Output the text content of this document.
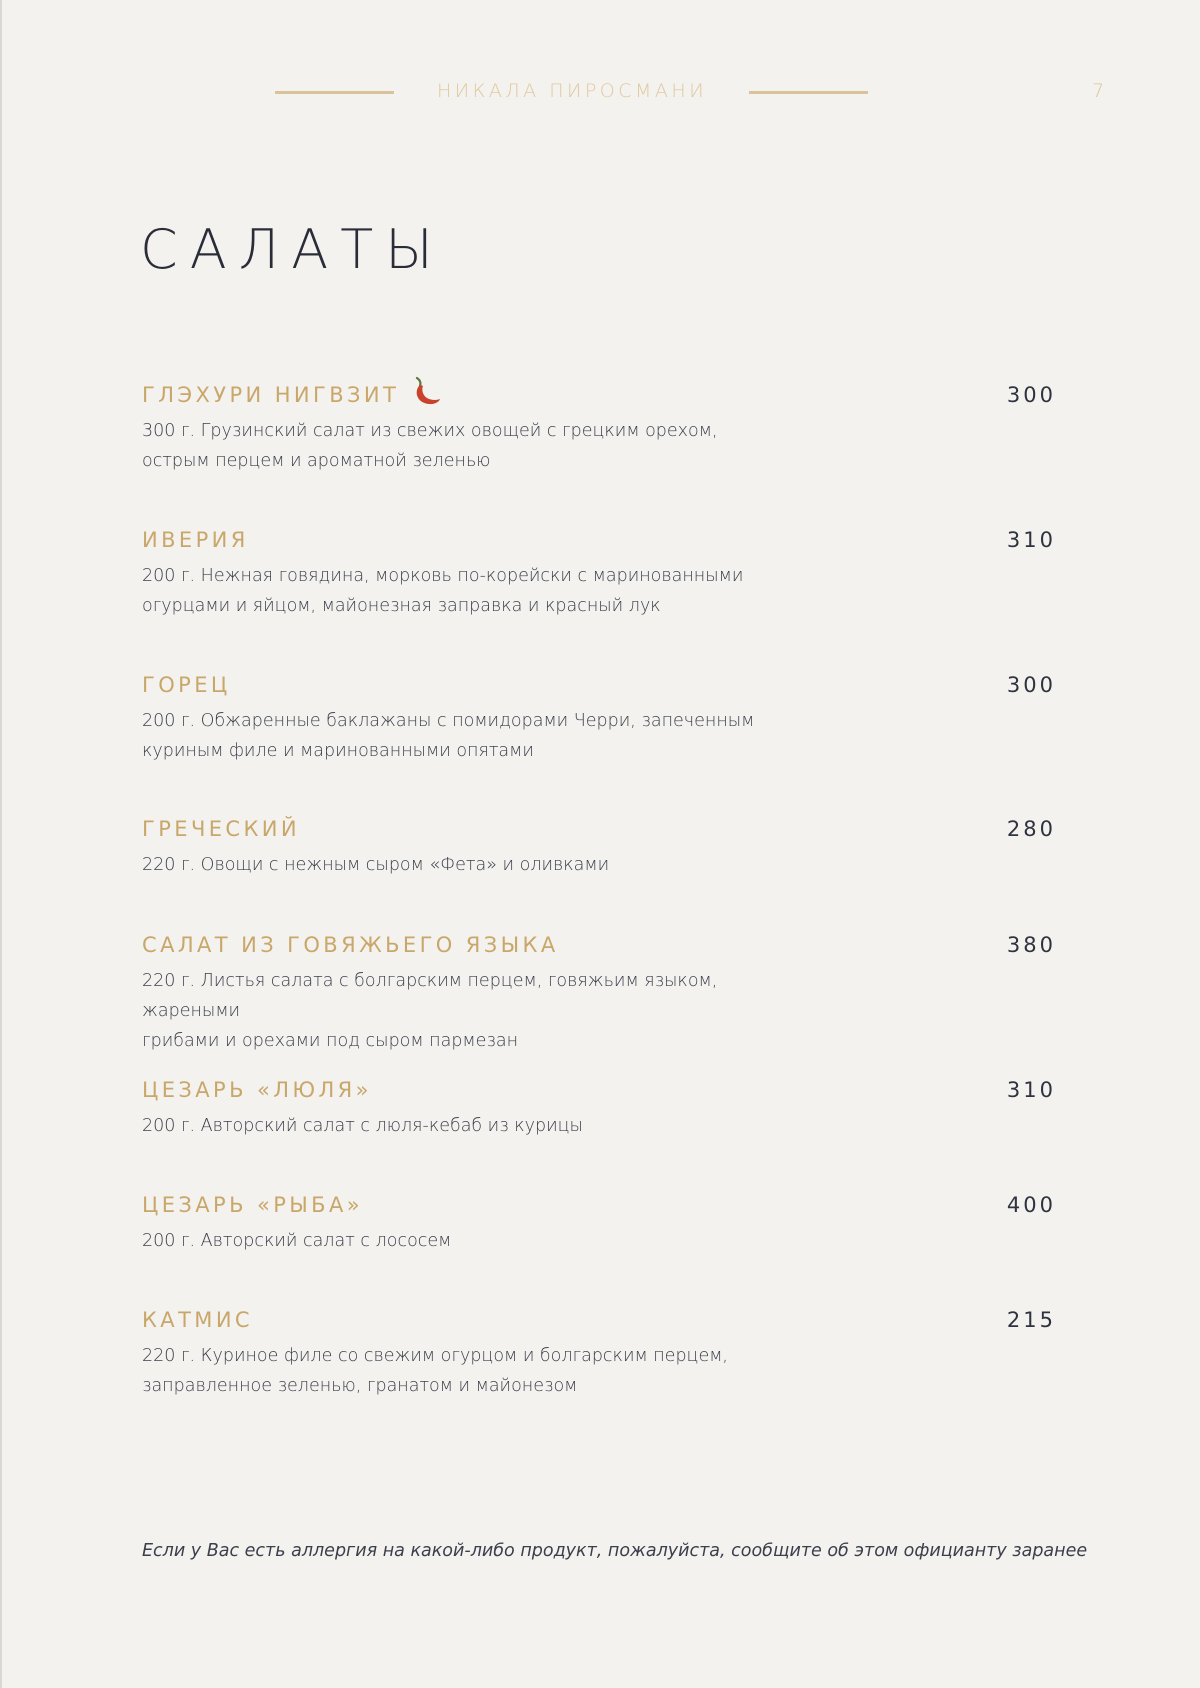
НИКАЛА ПИРОСМАНИ	7
САЛАТЫ
ГЛЭХУРИ НИГВЗИТ	300
300 г. Грузинский салат из свежих овощей с грецким орехом,
острым перцем и ароматной зеленью
ИВЕРИЯ	310
200 г. Нежная говядина, морковь по-корейски с маринованными
огурцами и яйцом, майонезная заправка и красный лук
ГОРЕЦ	300
200 г. Обжаренные баклажаны с помидорами Черри, запеченным
куриным филе и маринованными опятами
ГРЕЧЕСКИЙ	280
220 г. Овощи с нежным сыром «Фета» и оливками
САЛАТ ИЗ ГОВЯЖЬЕГО ЯЗЫКА	380
220 г. Листья салата с болгарским перцем, говяжьим языком, жареными
грибами и орехами под сыром пармезан
ЦЕЗАРЬ «ЛЮЛЯ»	310
200 г. Авторский салат с люля-кебаб из курицы
ЦЕЗАРЬ «РЫБА»	400
200 г. Авторский салат с лососем
КАТМИС	215
220 г. Куриное филе со свежим огурцом и болгарским перцем,
заправленное зеленью, гранатом и майонезом
Если у Вас есть аллергия на какой-либо продукт, пожалуйста, сообщите об этом официанту заранее
